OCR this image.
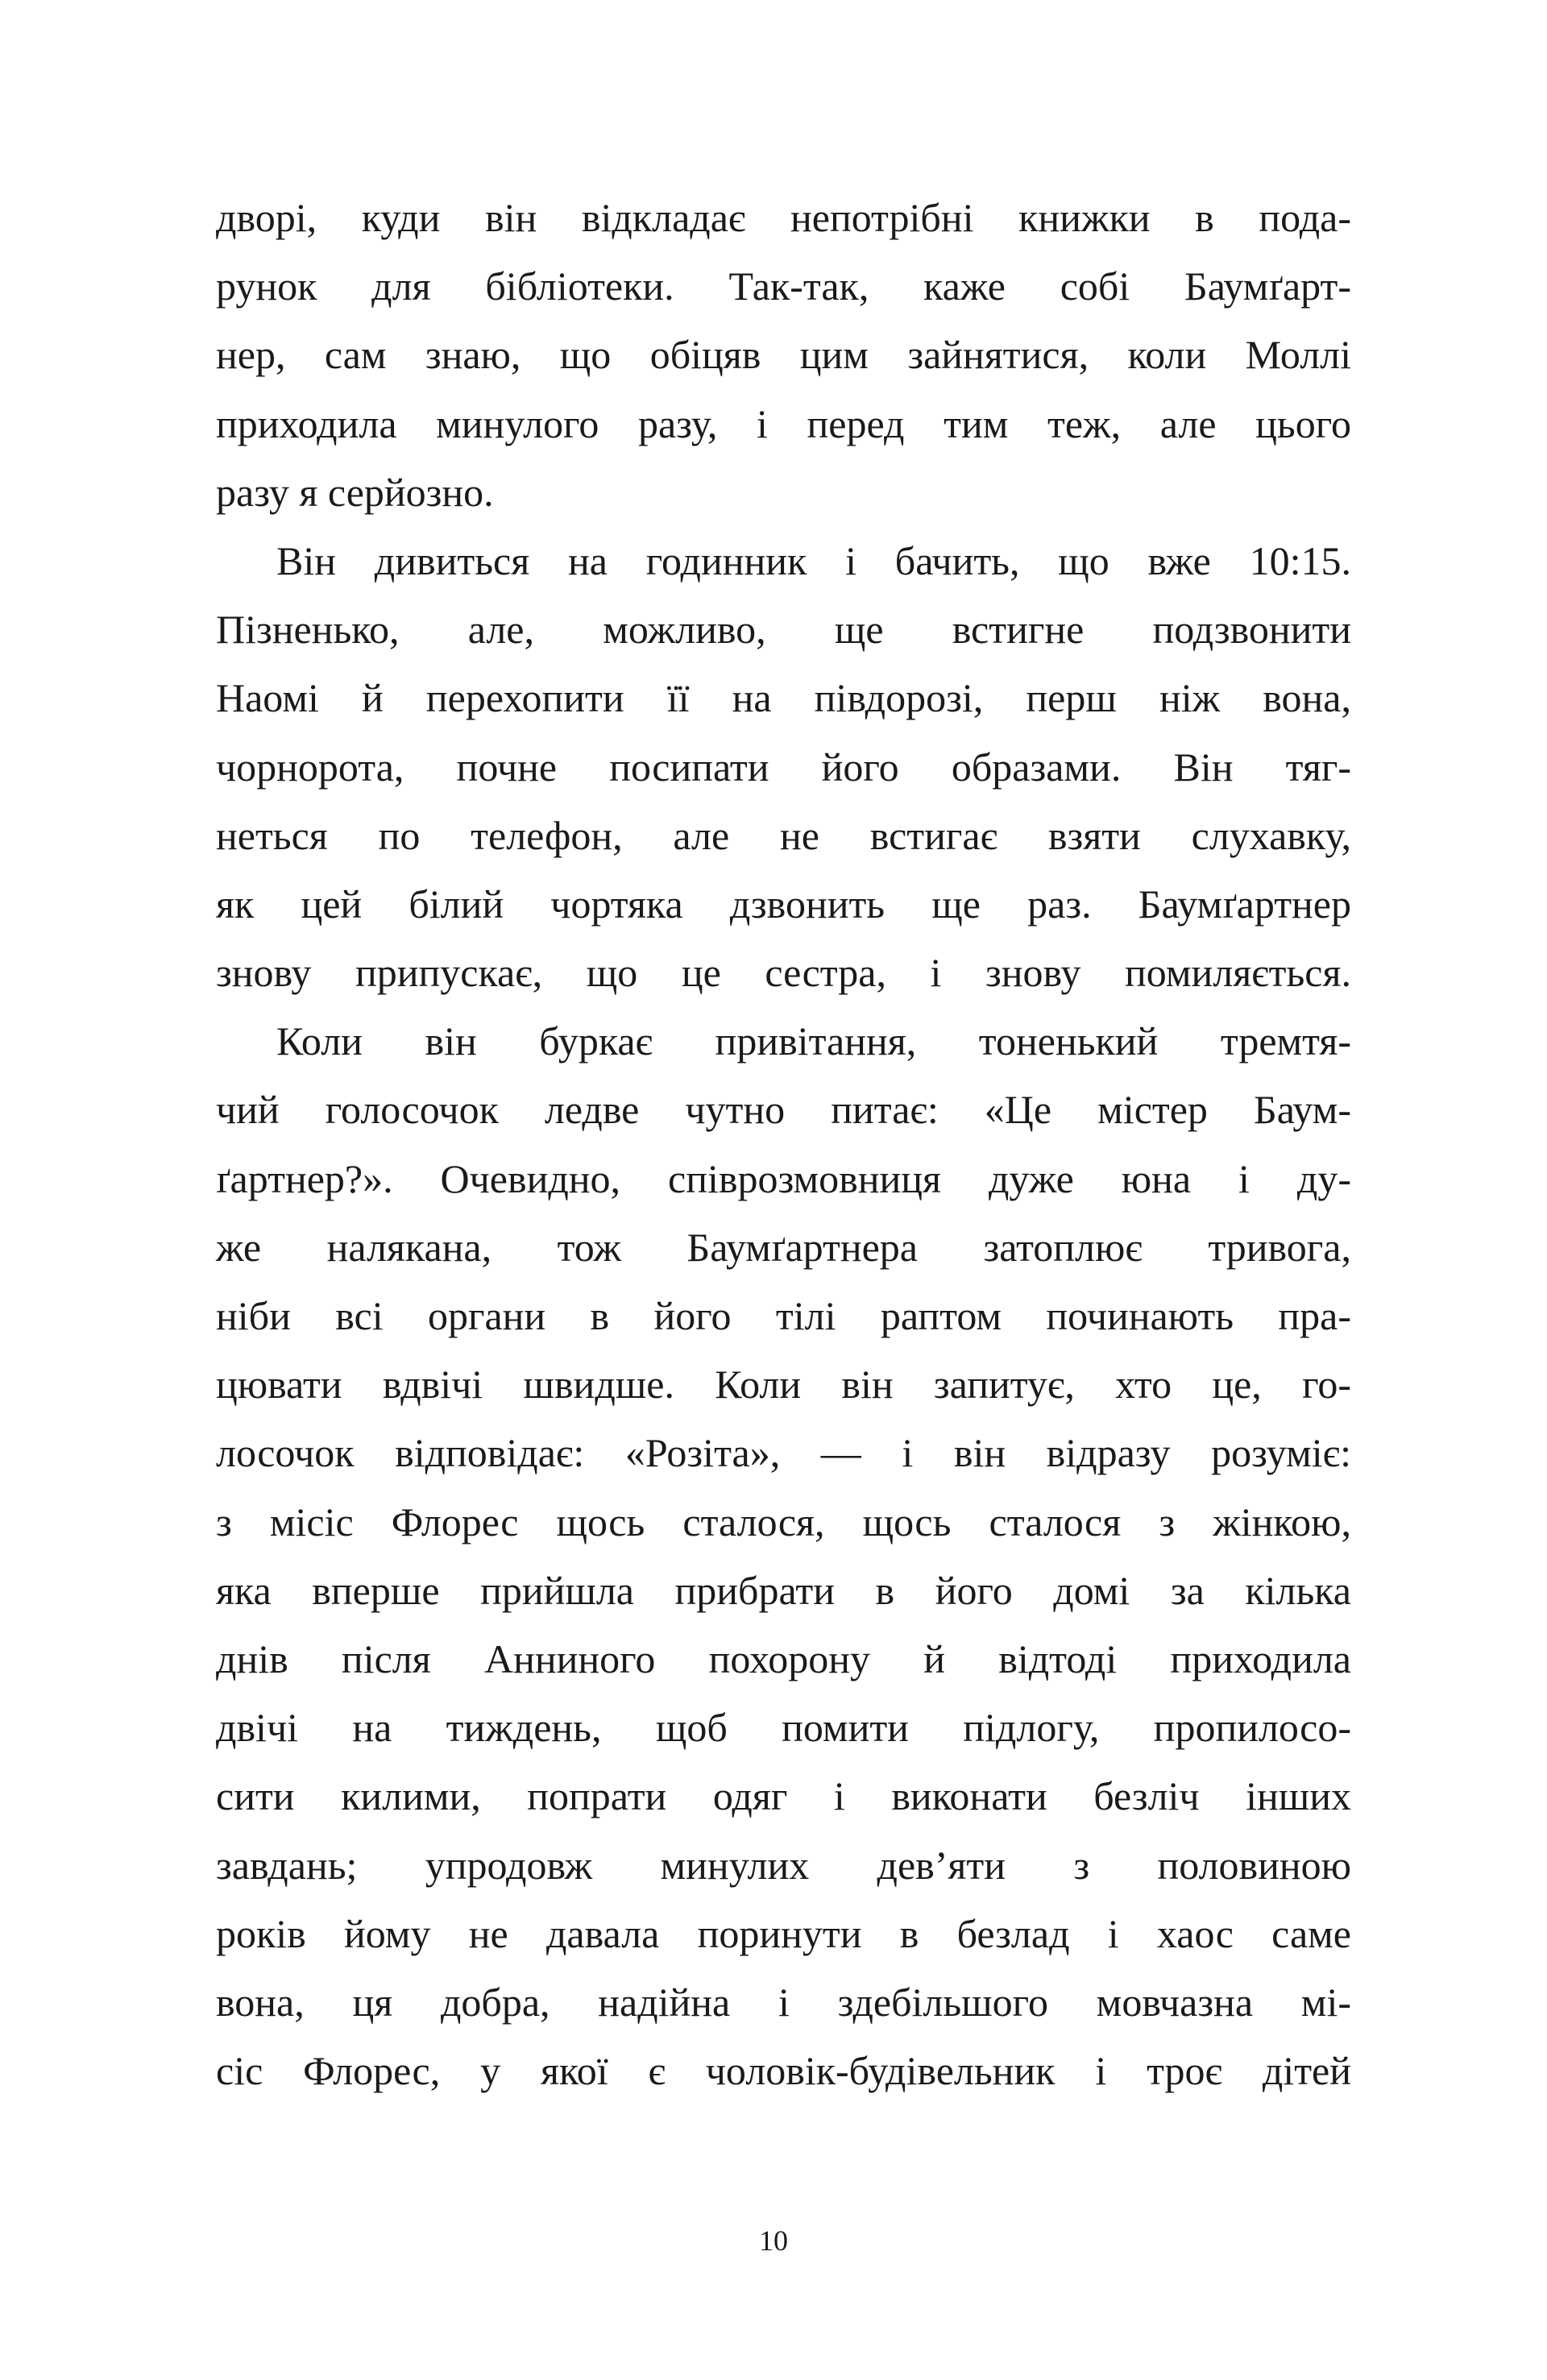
дворі, куди він відкладає непотрібні книжки в пода-
рунок для бібліотеки. Так-так, каже собі Баумґарт-
нер, сам знаю, що обіцяв цим зайнятися, коли Моллі
приходила минулого разу, і перед тим теж, але цього
разу я серйозно.
Він дивиться на годинник і бачить, що вже 10:15.
Пізненько, але, можливо, ще встигне подзвонити
Наомі й перехопити її на півдорозі, перш ніж вона,
чорнорота, почне посипати його образами. Він тяг-
неться по телефон, але не встигає взяти слухавку,
як цей білий чортяка дзвонить ще раз. Баумґартнер
знову припускає, що це сестра, і знову помиляється.
Коли він буркає привітання, тоненький тремтя-
чий голосочок ледве чутно питає: «Це містер Баум-
ґартнер?». Очевидно, співрозмовниця дуже юна і ду-
же налякана, тож Баумґартнера затоплює тривога,
ніби всі органи в його тілі раптом починають пра-
цювати вдвічі швидше. Коли він запитує, хто це, го-
лосочок відповідає: «Розіта», — і він відразу розуміє:
з місіс Флорес щось сталося, щось сталося з жінкою,
яка вперше прийшла прибрати в його домі за кілька
днів після Анниного похорону й відтоді приходила
двічі на тиждень, щоб помити підлогу, пропилосо-
сити килими, попрати одяг і виконати безліч інших
завдань; упродовж минулих дев’яти з половиною
років йому не давала поринути в безлад і хаос саме
вона, ця добра, надійна і здебільшого мовчазна мі-
сіс Флорес, у якої є чоловік-будівельник і троє дітей
10
